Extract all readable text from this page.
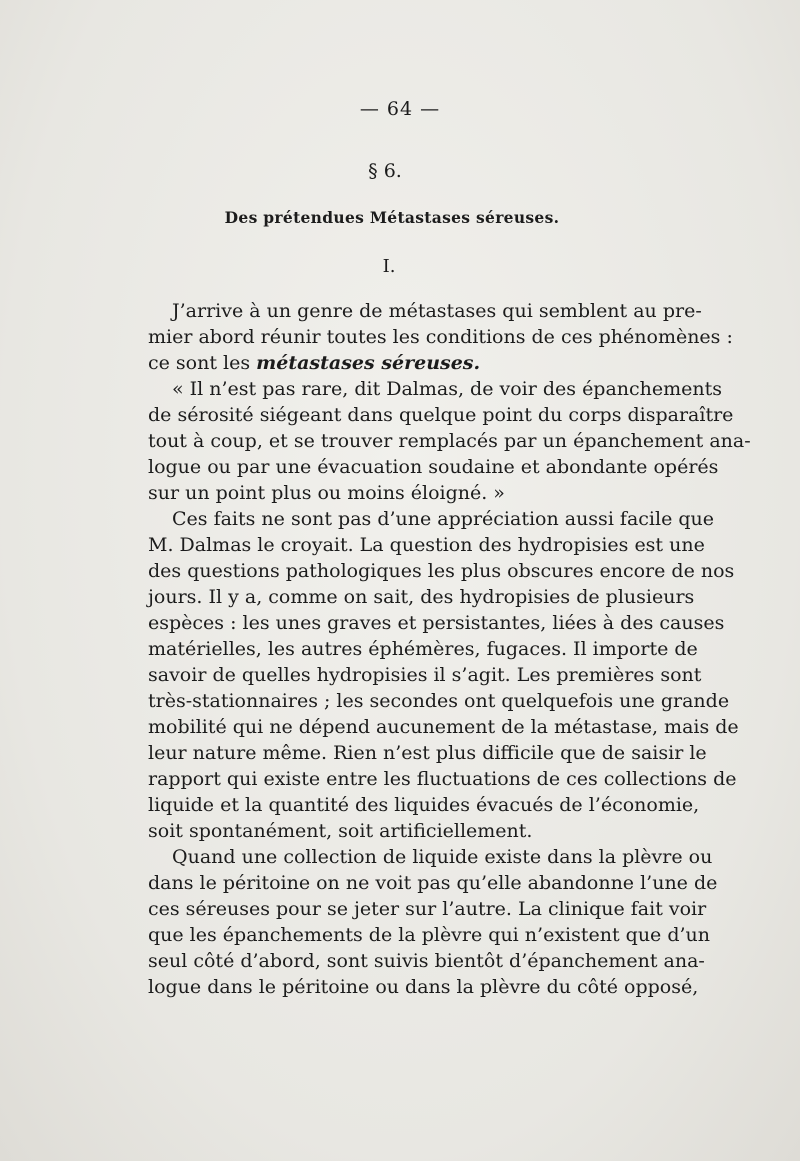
— 64 —
§ 6.
Des prétendues Métastases séreuses.
I.
J’arrive à un genre de métastases qui semblent au pre-
mier abord réunir toutes les conditions de ces phénomènes :
ce sont les métastases séreuses.
« Il n’est pas rare, dit Dalmas, de voir des épanchements
de sérosité siégeant dans quelque point du corps disparaître
tout à coup, et se trouver remplacés par un épanchement ana-
logue ou par une évacuation soudaine et abondante opérés
sur un point plus ou moins éloigné. »
Ces faits ne sont pas d’une appréciation aussi facile que
M. Dalmas le croyait. La question des hydropisies est une
des questions pathologiques les plus obscures encore de nos
jours. Il y a, comme on sait, des hydropisies de plusieurs
espèces : les unes graves et persistantes, liées à des causes
matérielles, les autres éphémères, fugaces. Il importe de
savoir de quelles hydropisies il s’agit. Les premières sont
très-stationnaires ; les secondes ont quelquefois une grande
mobilité qui ne dépend aucunement de la métastase, mais de
leur nature même. Rien n’est plus difficile que de saisir le
rapport qui existe entre les fluctuations de ces collections de
liquide et la quantité des liquides évacués de l’économie,
soit spontanément, soit artificiellement.
Quand une collection de liquide existe dans la plèvre ou
dans le péritoine on ne voit pas qu’elle abandonne l’une de
ces séreuses pour se jeter sur l’autre. La clinique fait voir
que les épanchements de la plèvre qui n’existent que d’un
seul côté d’abord, sont suivis bientôt d’épanchement ana-
logue dans le péritoine ou dans la plèvre du côté opposé,
